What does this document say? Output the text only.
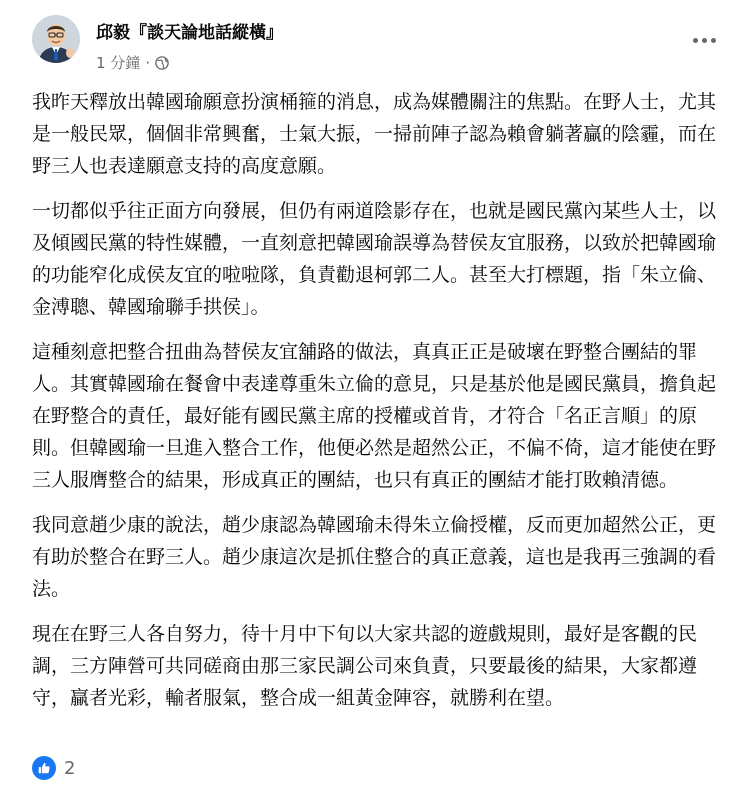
邱毅『談天論地話縱橫』
1 分鐘 ·

我昨天釋放出韓國瑜願意扮演桶箍的消息，成為媒體關注的焦點。在野人士，尤其是一般民眾，個個非常興奮，士氣大振，一掃前陣子認為賴會躺著贏的陰霾，而在野三人也表達願意支持的高度意願。

一切都似乎往正面方向發展，但仍有兩道陰影存在，也就是國民黨內某些人士，以及傾國民黨的特性媒體，一直刻意把韓國瑜誤導為替侯友宜服務，以致於把韓國瑜的功能窄化成侯友宜的啦啦隊，負責勸退柯郭二人。甚至大打標題，指「朱立倫、金溥聰、韓國瑜聯手拱侯」。

這種刻意把整合扭曲為替侯友宜舖路的做法，真真正正是破壞在野整合團結的罪人。其實韓國瑜在餐會中表達尊重朱立倫的意見，只是基於他是國民黨員，擔負起在野整合的責任，最好能有國民黨主席的授權或首肯，才符合「名正言順」的原則。但韓國瑜一旦進入整合工作，他便必然是超然公正，不偏不倚，這才能使在野三人服膺整合的結果，形成真正的團結，也只有真正的團結才能打敗賴清德。

我同意趙少康的說法，趙少康認為韓國瑜未得朱立倫授權，反而更加超然公正，更有助於整合在野三人。趙少康這次是抓住整合的真正意義，這也是我再三強調的看法。

現在在野三人各自努力，待十月中下旬以大家共認的遊戲規則，最好是客觀的民調，三方陣營可共同磋商由那三家民調公司來負責，只要最後的結果，大家都遵守，贏者光彩，輸者服氣，整合成一組黃金陣容，就勝利在望。

2
